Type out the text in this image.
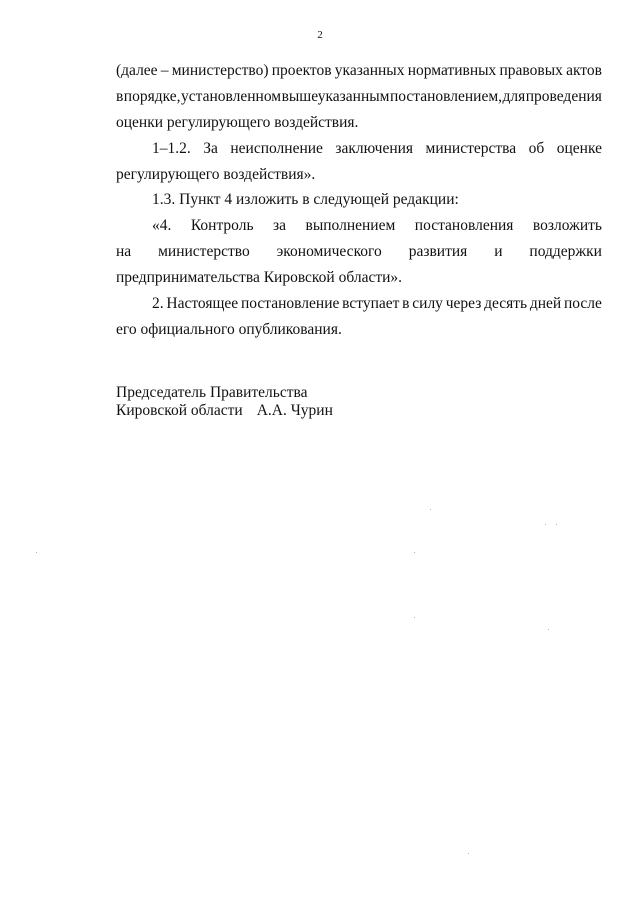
2
(далее – министерство) проектов указанных нормативных правовых актов
в порядке, установленном вышеуказанным постановлением, для проведения
оценки регулирующего воздействия.
1–1.2. За неисполнение заключения министерства об оценке
регулирующего воздействия».
1.3. Пункт 4 изложить в следующей редакции:
«4. Контроль за выполнением постановления возложить
на министерство экономического развития и поддержки
предпринимательства Кировской области».
2. Настоящее постановление вступает в силу через десять дней после
его официального опубликования.
Председатель Правительства
Кировской области А.А. Чурин
